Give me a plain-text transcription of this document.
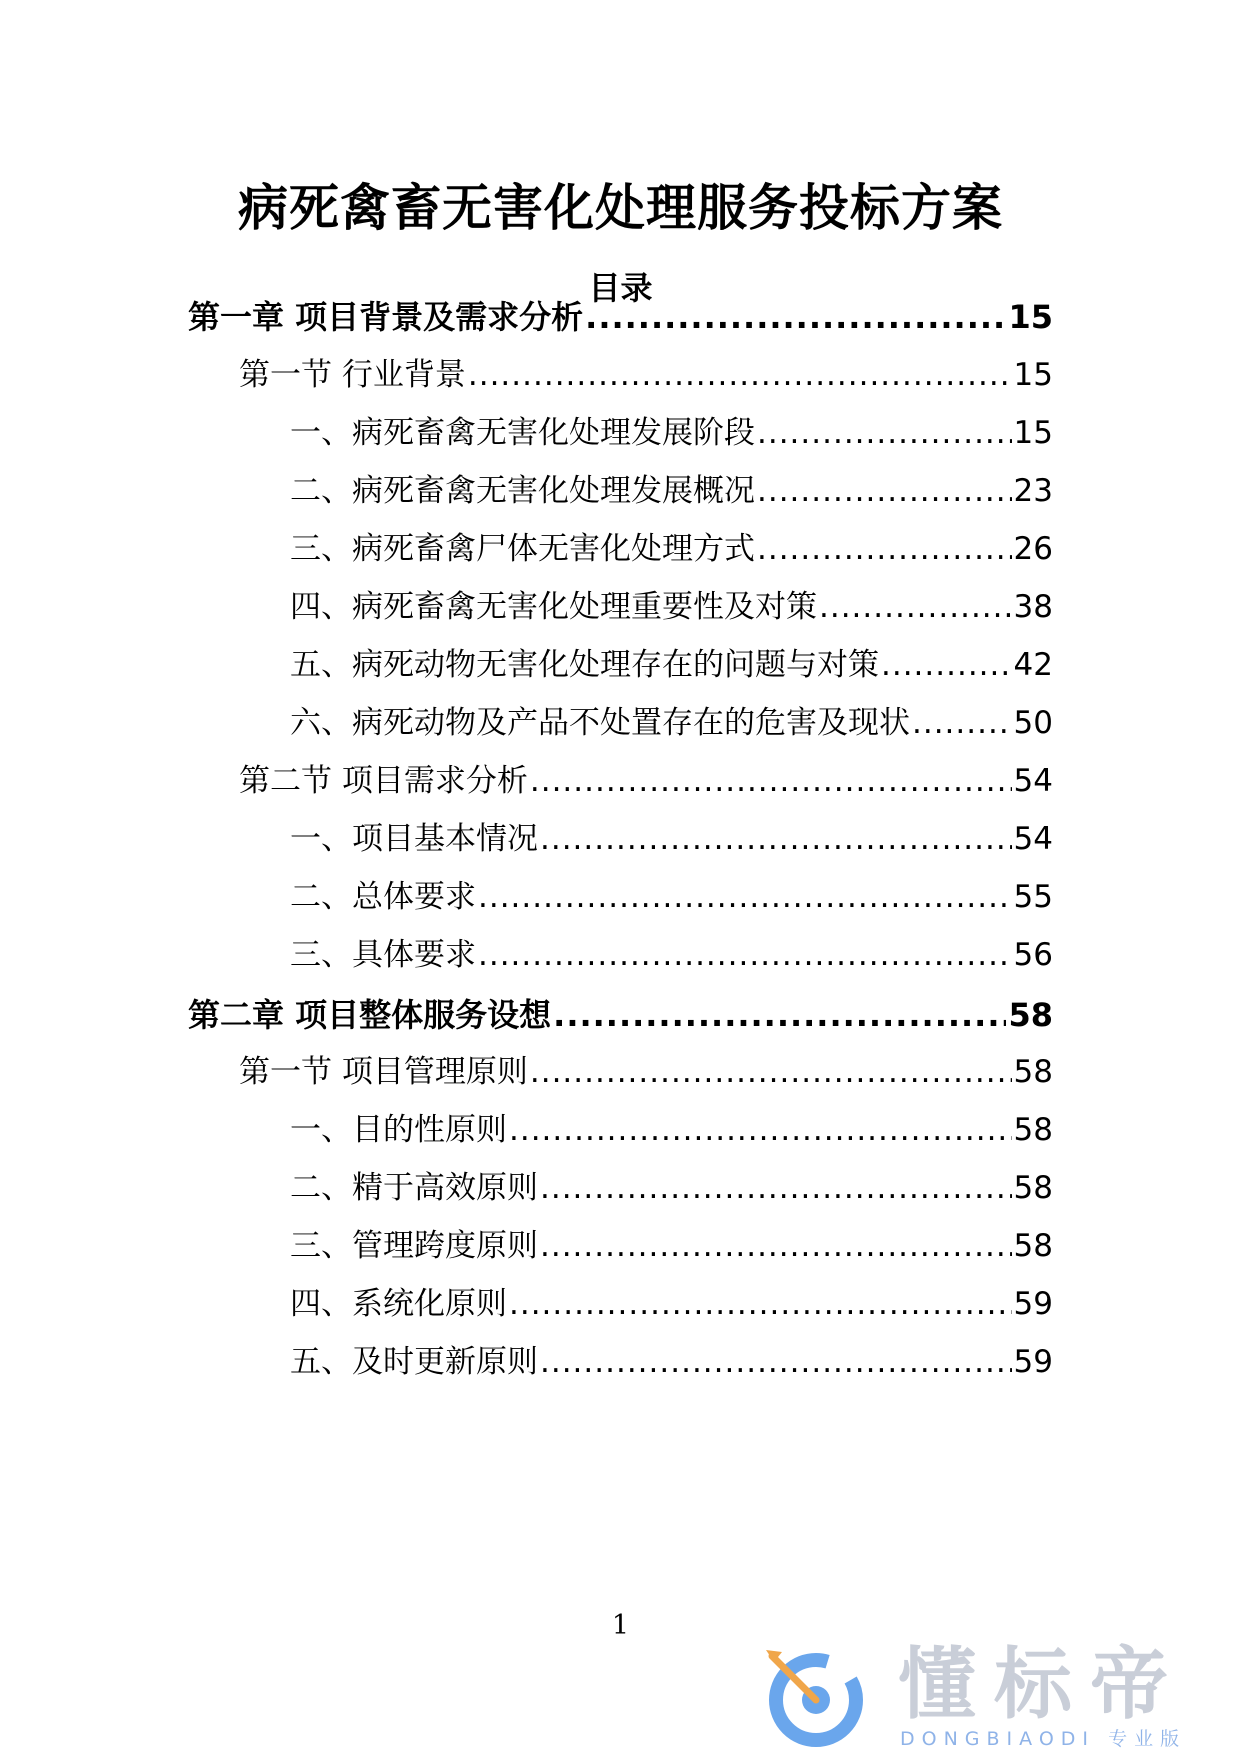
病死禽畜无害化处理服务投标方案
目录
第一章 项目背景及需求分析 .....	15
第一节 行业背景 .....	15
一、病死畜禽无害化处理发展阶段 .....	15
二、病死畜禽无害化处理发展概况 .....	23
三、病死畜禽尸体无害化处理方式 .....	26
四、病死畜禽无害化处理重要性及对策 .....	38
五、病死动物无害化处理存在的问题与对策 .....	42
六、病死动物及产品不处置存在的危害及现状 .....	50
第二节 项目需求分析 .....	54
一、项目基本情况 .....	54
二、总体要求 .....	55
三、具体要求 .....	56
第二章 项目整体服务设想 .....	58
第一节 项目管理原则 .....	58
一、目的性原则 .....	58
二、精于高效原则 .....	58
三、管理跨度原则 .....	58
四、系统化原则 .....	59
五、及时更新原则 .....	59
1
懂标帝
DONGBIAODI 专业版
